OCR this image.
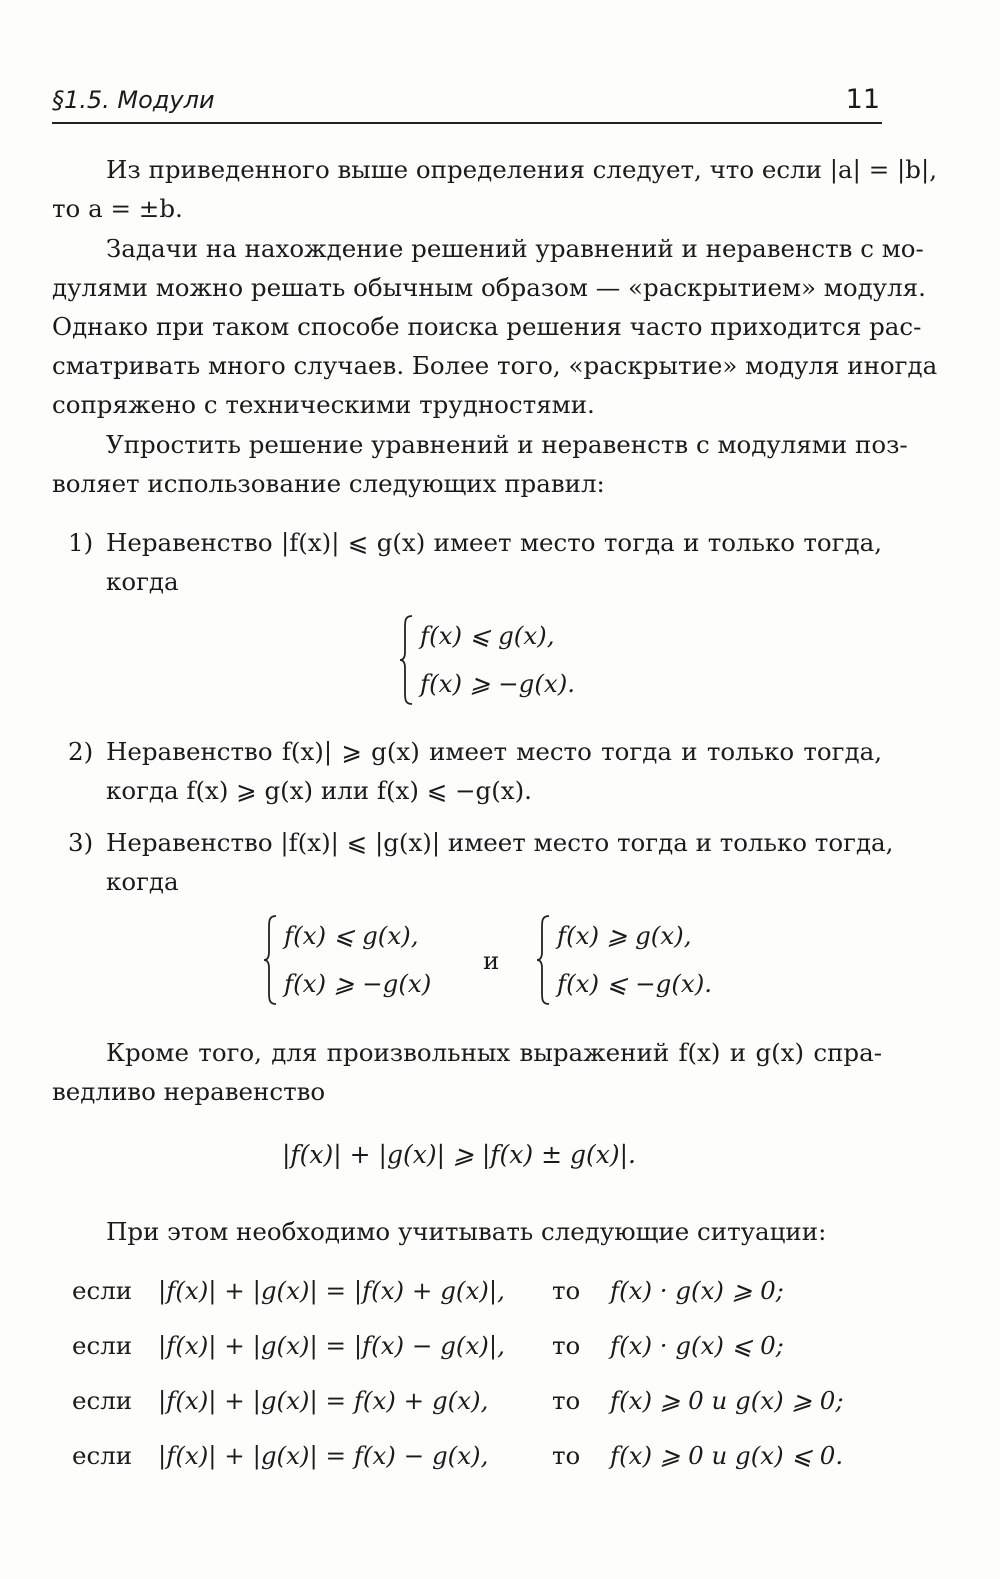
§1.5. Модули	11
Из приведенного выше определения следует, что если |a| = |b|,
то a = ±b.
Задачи на нахождение решений уравнений и неравенств с мо-
дулями можно решать обычным образом — «раскрытием» модуля.
Однако при таком способе поиска решения часто приходится рас-
сматривать много случаев. Более того, «раскрытие» модуля иногда
сопряжено с техническими трудностями.
Упростить решение уравнений и неравенств с модулями поз-
воляет использование следующих правил:
1) Неравенство |f(x)| ⩽ g(x) имеет место тогда и только тогда,
когда
f(x) ⩽ g(x),
f(x) ⩾ −g(x).
2) Неравенство f(x)| ⩾ g(x) имеет место тогда и только тогда,
когда f(x) ⩾ g(x) или f(x) ⩽ −g(x).
3) Неравенство |f(x)| ⩽ |g(x)| имеет место тогда и только тогда,
когда
f(x) ⩽ g(x),
f(x) ⩾ −g(x)
и
f(x) ⩾ g(x),
f(x) ⩽ −g(x).
Кроме того, для произвольных выражений f(x) и g(x) спра-
ведливо неравенство
|f(x)| + |g(x)| ⩾ |f(x) ± g(x)|.
При этом необходимо учитывать следующие ситуации:
если |f(x)| + |g(x)| = |f(x) + g(x)|, то f(x) · g(x) ⩾ 0;
если |f(x)| + |g(x)| = |f(x) − g(x)|, то f(x) · g(x) ⩽ 0;
если |f(x)| + |g(x)| = f(x) + g(x),	то f(x) ⩾ 0 и g(x) ⩾ 0;
если |f(x)| + |g(x)| = f(x) − g(x),	то f(x) ⩾ 0 и g(x) ⩽ 0.
